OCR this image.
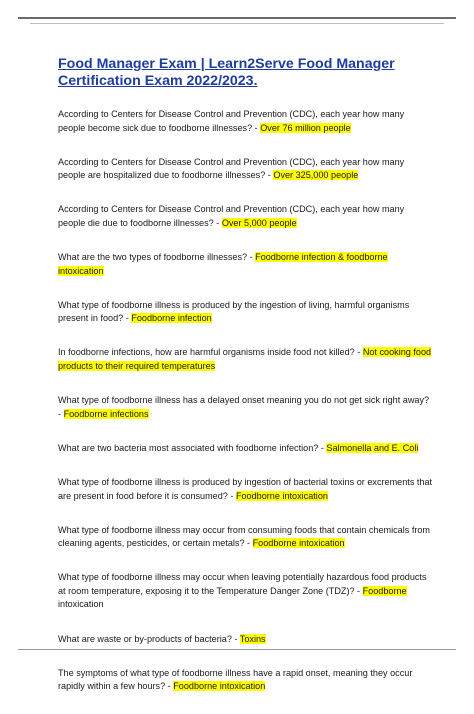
Food Manager Exam | Learn2Serve Food Manager Certification Exam 2022/2023.

According to Centers for Disease Control and Prevention (CDC), each year how many people become sick due to foodborne illnesses? - Over 76 million people

According to Centers for Disease Control and Prevention (CDC), each year how many people are hospitalized due to foodborne illnesses? - Over 325,000 people

According to Centers for Disease Control and Prevention (CDC), each year how many people die due to foodborne illnesses? - Over 5,000 people

What are the two types of foodborne illnesses? - Foodborne infection & foodborne intoxication

What type of foodborne illness is produced by the ingestion of living, harmful organisms present in food? - Foodborne infection

In foodborne infections, how are harmful organisms inside food not killed? - Not cooking food products to their required temperatures

What type of foodborne illness has a delayed onset meaning you do not get sick right away? - Foodborne infections

What are two bacteria most associated with foodborne infection? - Salmonella and E. Coli

What type of foodborne illness is produced by ingestion of bacterial toxins or excrements that are present in food before it is consumed? - Foodborne intoxication

What type of foodborne illness may occur from consuming foods that contain chemicals from cleaning agents, pesticides, or certain metals? - Foodborne intoxication

What type of foodborne illness may occur when leaving potentially hazardous food products at room temperature, exposing it to the Temperature Danger Zone (TDZ)? - Foodborne intoxication

What are waste or by-products of bacteria? - Toxins

The symptoms of what type of foodborne illness have a rapid onset, meaning they occur rapidly within a few hours? - Foodborne intoxication
